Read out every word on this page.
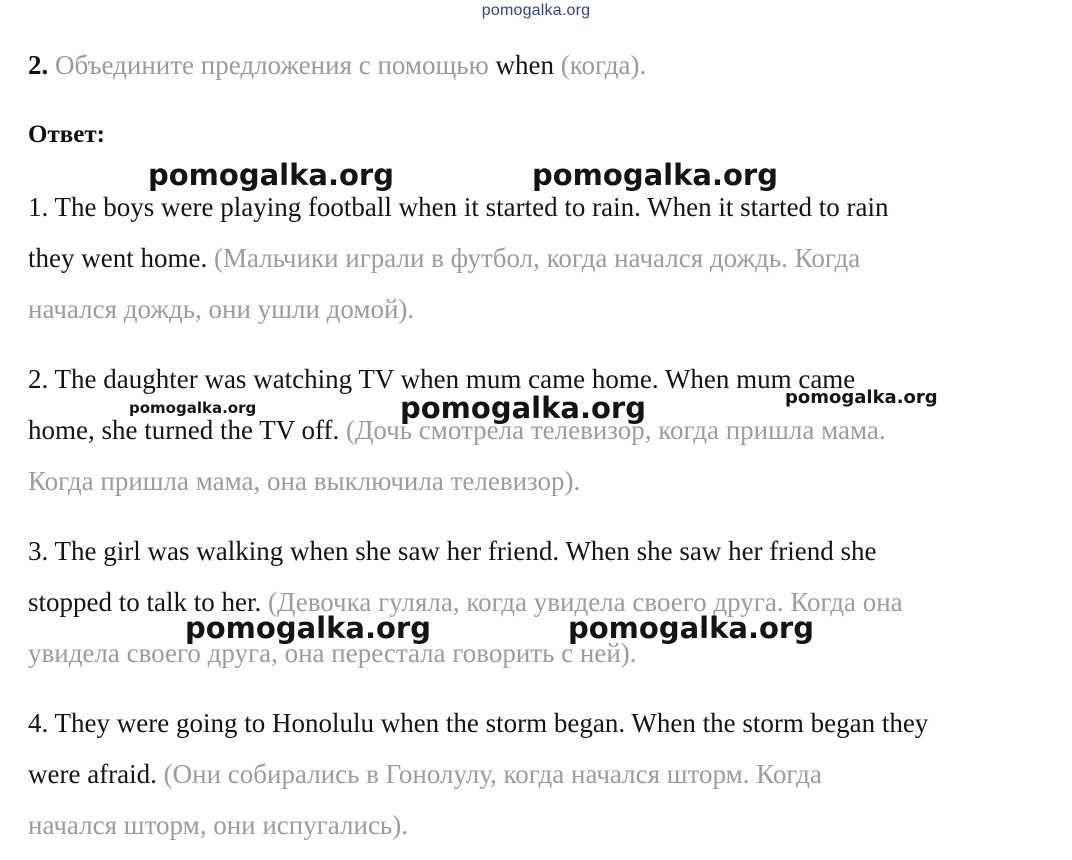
pomogalka.org
2. Объедините предложения с помощью when (когда).
Ответ:
1. The boys were playing football when it started to rain. When it started to rain
they went home. (Мальчики играли в футбол, когда начался дождь. Когда
начался дождь, они ушли домой).
2. The daughter was watching TV when mum came home. When mum came
home, she turned the TV off. (Дочь смотрела телевизор, когда пришла мама.
Когда пришла мама, она выключила телевизор).
3. The girl was walking when she saw her friend. When she saw her friend she
stopped to talk to her. (Девочка гуляла, когда увидела своего друга. Когда она
увидела своего друга, она перестала говорить с ней).
4. They were going to Honolulu when the storm began. When the storm began they
were afraid. (Они собирались в Гонолулу, когда начался шторм. Когда
начался шторм, они испугались).
pomogalka.org	pomogalka.org
pomogalka.org	pomogalka.org	pomogalka.org
pomogalka.org	pomogalka.org
